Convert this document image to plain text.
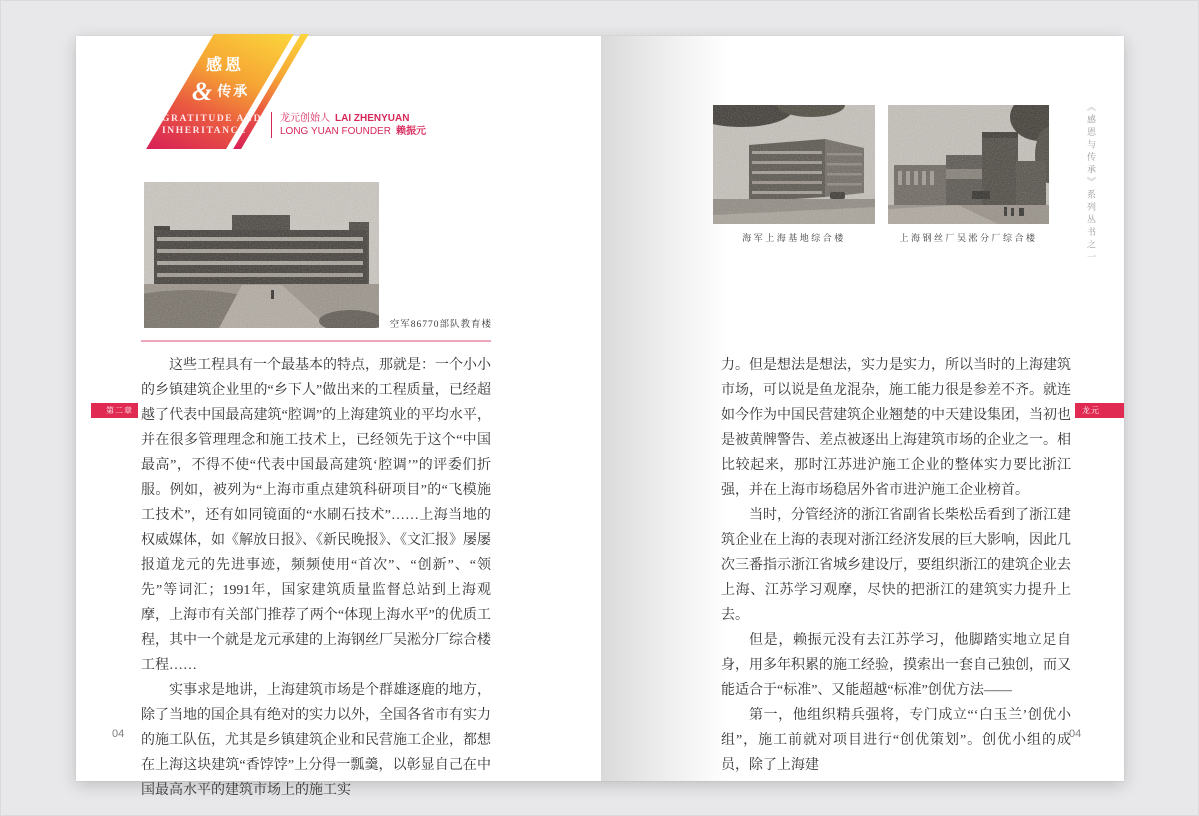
感恩
& 传承
GRATITUDE AND
INHERITANCE
龙元创始人 LAI ZHENYUAN
LONG YUAN FOUNDER 赖振元
空军86770部队教育楼

这些工程具有一个最基本的特点，那就是：一个小小的乡镇建筑企业里的“乡下人”做出来的工程质量，已经超越了代表中国最高建筑“腔调”的上海建筑业的平均水平，并在很多管理理念和施工技术上，已经领先于这个“中国最高”，不得不使“代表中国最高建筑‘腔调’”的评委们折服。例如，被列为“上海市重点建筑科研项目”的“飞模施工技术”，还有如同镜面的“水刷石技术”……上海当地的权威媒体，如《解放日报》、《新民晚报》、《文汇报》屡屡报道龙元的先进事迹，频频使用“首次”、“创新”、“领先”等词汇；1991年，国家建筑质量监督总站到上海观摩，上海市有关部门推荐了两个“体现上海水平”的优质工程，其中一个就是龙元承建的上海钢丝厂吴淞分厂综合楼工程……

实事求是地讲，上海建筑市场是个群雄逐鹿的地方，除了当地的国企具有绝对的实力以外，全国各省市有实力的施工队伍，尤其是乡镇建筑企业和民营施工企业，都想在上海这块建筑“香饽饽”上分得一瓢羹，以彰显自己在中国最高水平的建筑市场上的施工实

第二章
04
海军上海基地综合楼	上海钢丝厂吴淞分厂综合楼	《感恩与传承》系列丛书之一

力。但是想法是想法，实力是实力，所以当时的上海建筑市场，可以说是鱼龙混杂，施工能力很是参差不齐。就连如今作为中国民营建筑企业翘楚的中天建设集团，当初也是被黄牌警告、差点被逐出上海建筑市场的企业之一。相比较起来，那时江苏进沪施工企业的整体实力要比浙江强，并在上海市场稳居外省市进沪施工企业榜首。

当时，分管经济的浙江省副省长柴松岳看到了浙江建筑企业在上海的表现对浙江经济发展的巨大影响，因此几次三番指示浙江省城乡建设厅，要组织浙江的建筑企业去上海、江苏学习观摩，尽快的把浙江的建筑实力提升上去。

但是，赖振元没有去江苏学习，他脚踏实地立足自身，用多年积累的施工经验，摸索出一套自己独创，而又能适合于“标准”、又能超越“标准”创优方法——

第一，他组织精兵强将，专门成立“‘白玉兰’创优小组”，施工前就对项目进行“创优策划”。创优小组的成员，除了上海建

龙元
04
